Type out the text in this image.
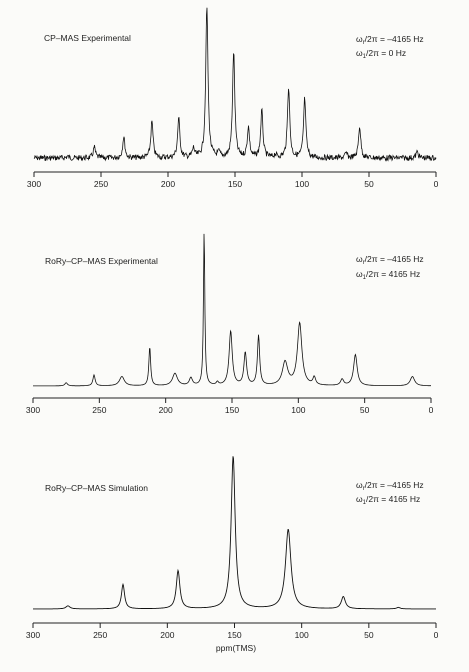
CP–MAS Experimental	$\omega_r/2\pi = -4165$ Hz
$\omega_1/2\pi = 0$ Hz
300	250	200	150	100	50	0
RoRy–CP–MAS Experimental	$\omega_r/2\pi = -4165$ Hz
$\omega_1/2\pi = 4165$ Hz
300	250	200	150	100	50	0
RoRy–CP–MAS Simulation	$\omega_r/2\pi = -4165$ Hz
$\omega_1/2\pi = 4165$ Hz
300	250	200	150	100	50	0
ppm(TMS)
